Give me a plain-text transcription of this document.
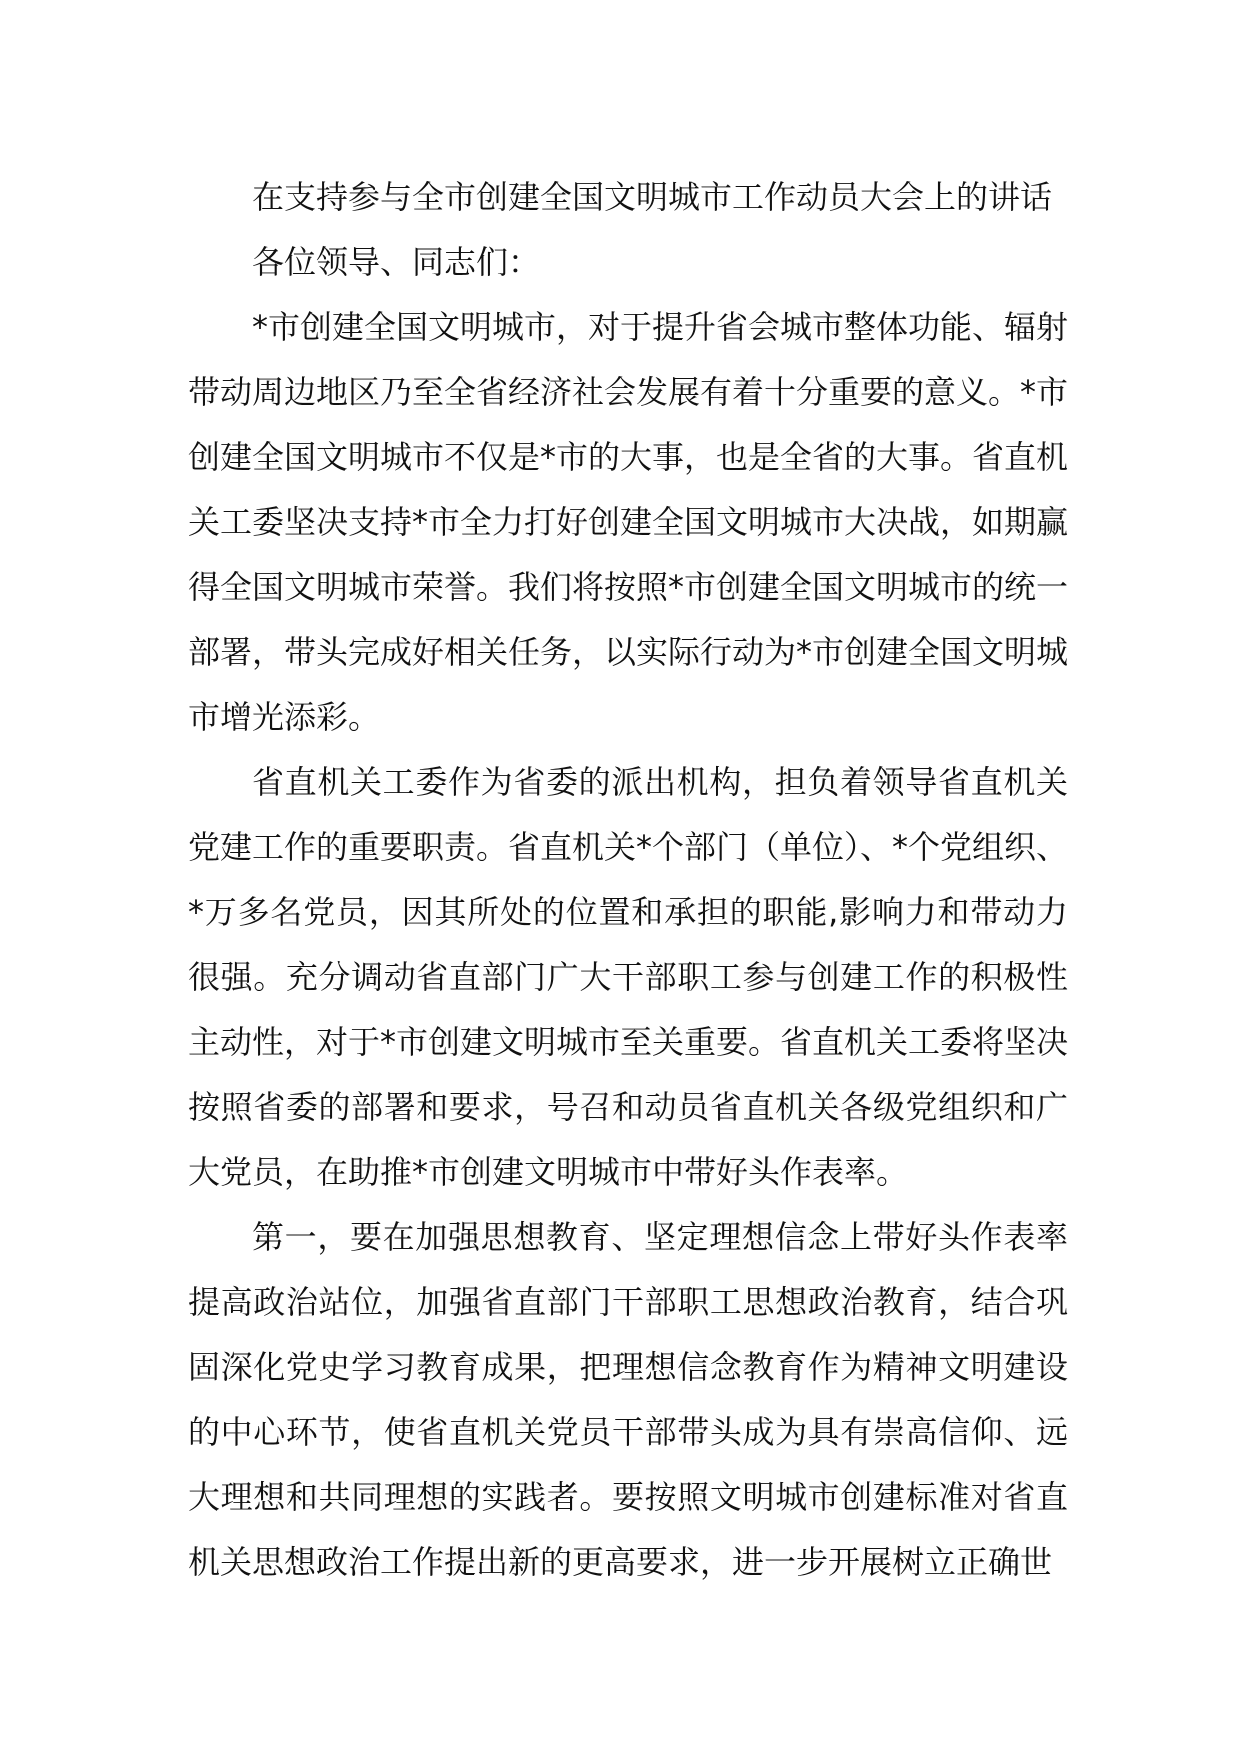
在支持参与全市创建全国文明城市工作动员大会上的讲话

各位领导、同志们：

*市创建全国文明城市，对于提升省会城市整体功能、辐射带动周边地区乃至全省经济社会发展有着十分重要的意义。*市创建全国文明城市不仅是*市的大事，也是全省的大事。省直机关工委坚决支持*市全力打好创建全国文明城市大决战，如期赢得全国文明城市荣誉。我们将按照*市创建全国文明城市的统一部署，带头完成好相关任务，以实际行动为*市创建全国文明城市增光添彩。

省直机关工委作为省委的派出机构，担负着领导省直机关党建工作的重要职责。省直机关*个部门（单位）、*个党组织、*万多名党员，因其所处的位置和承担的职能,影响力和带动力很强。充分调动省直部门广大干部职工参与创建工作的积极性主动性，对于*市创建文明城市至关重要。省直机关工委将坚决按照省委的部署和要求，号召和动员省直机关各级党组织和广大党员，在助推*市创建文明城市中带好头作表率。

第一，要在加强思想教育、坚定理想信念上带好头作表率提高政治站位，加强省直部门干部职工思想政治教育，结合巩固深化党史学习教育成果，把理想信念教育作为精神文明建设的中心环节，使省直机关党员干部带头成为具有崇高信仰、远大理想和共同理想的实践者。要按照文明城市创建标准对省直机关思想政治工作提出新的更高要求，进一步开展树立正确世
